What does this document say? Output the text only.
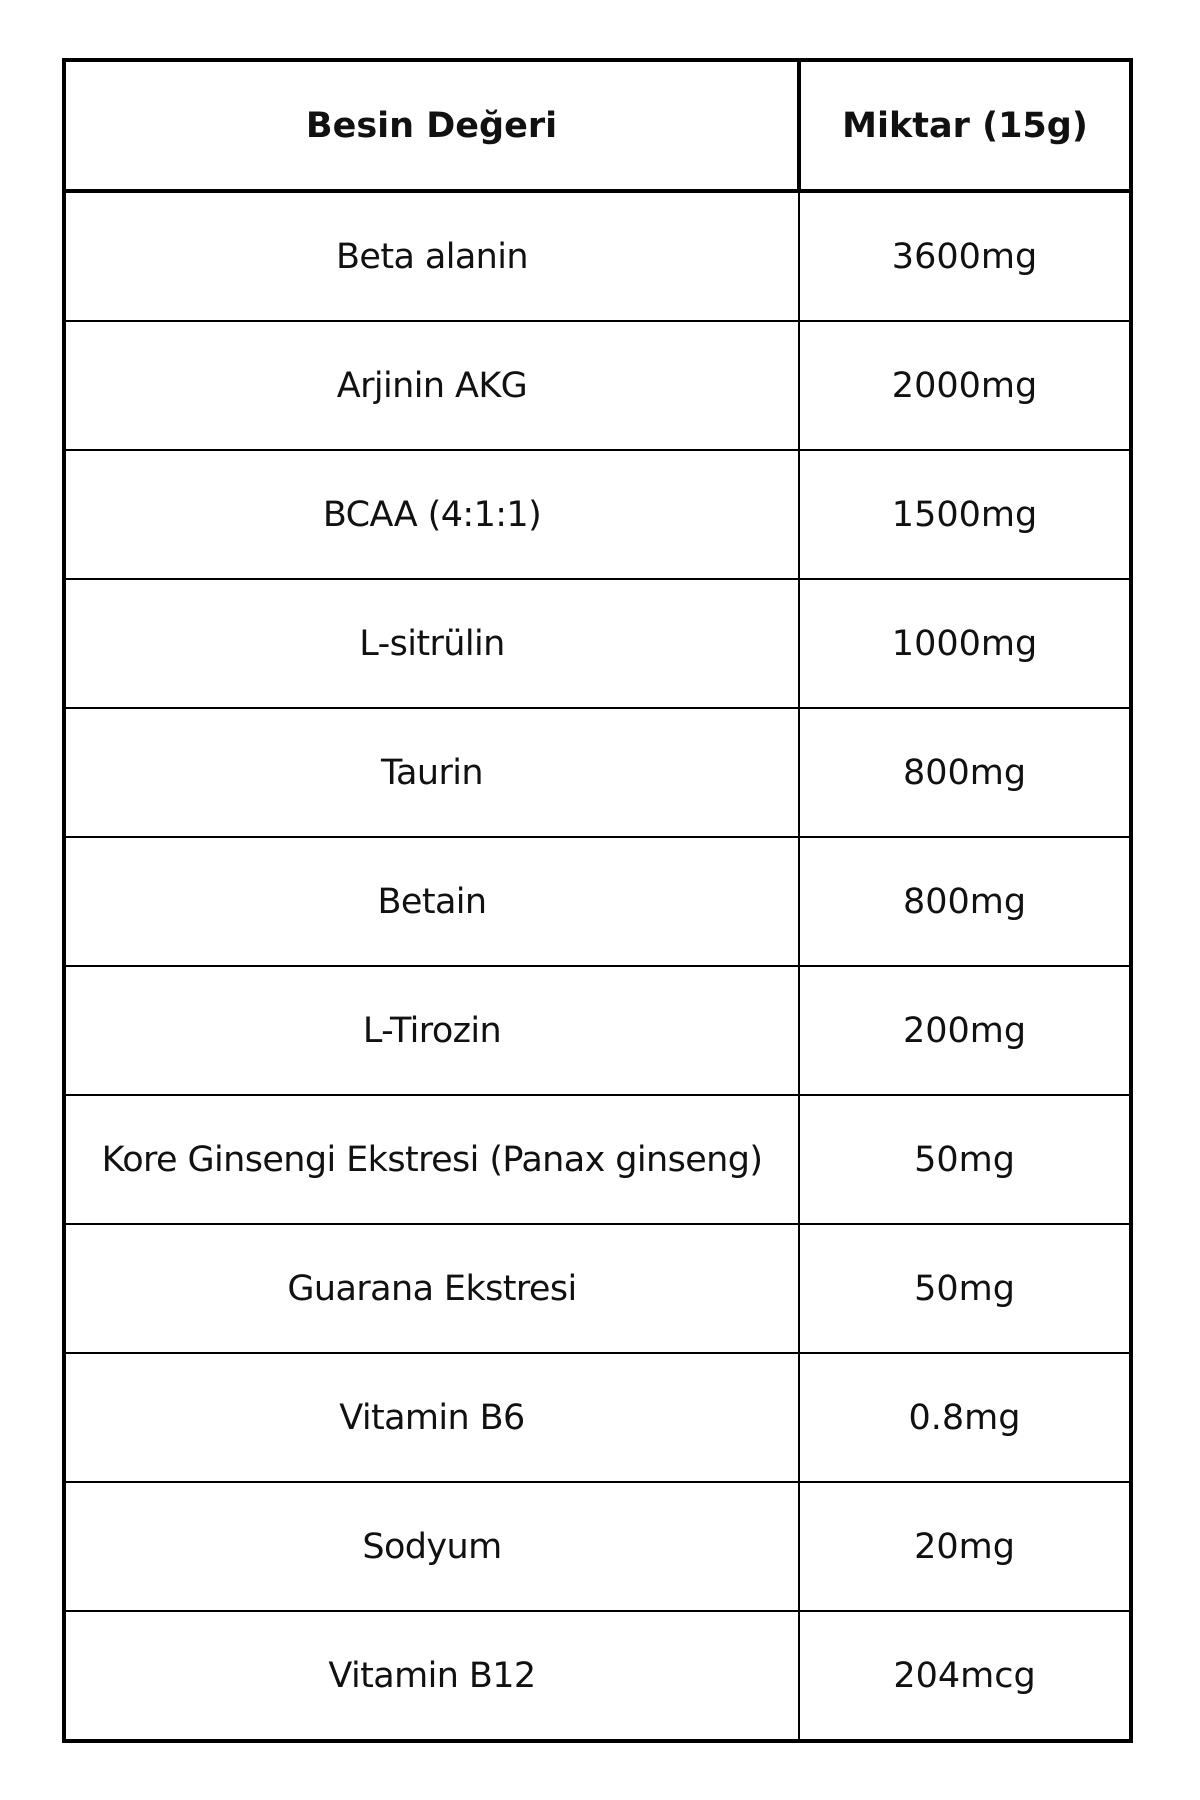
Besin Değeri	Miktar (15g)
Beta alanin	3600mg
Arjinin AKG	2000mg
BCAA (4:1:1)	1500mg
L-sitrülin	1000mg
Taurin	800mg
Betain	800mg
L-Tirozin	200mg
Kore Ginsengi Ekstresi (Panax ginseng)	50mg
Guarana Ekstresi	50mg
Vitamin B6	0.8mg
Sodyum	20mg
Vitamin B12	204mcg
